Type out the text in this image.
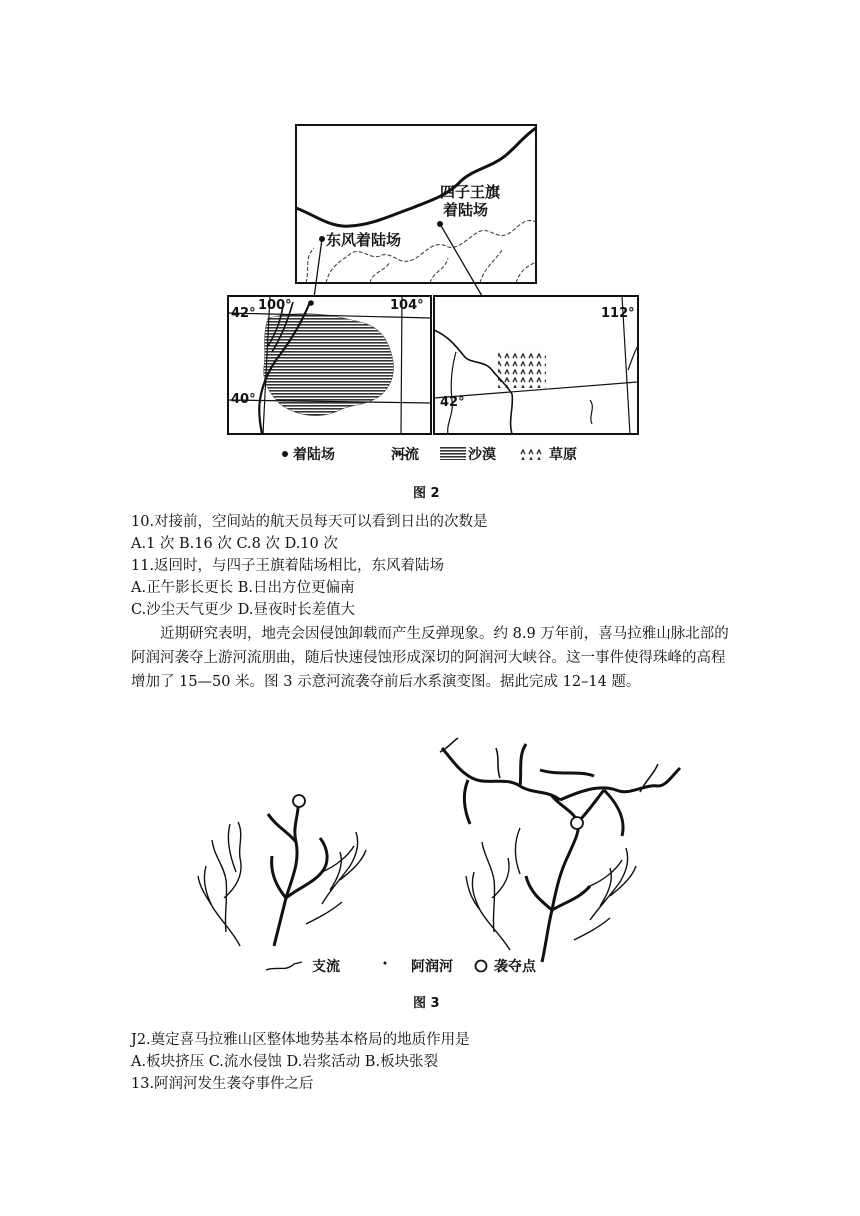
四子王旗
着陆场
东风着陆场
42°
100°	104°
40°
112°
42°
着陆场	河流	沙漠	草原
图 2
10.对接前，空间站的航天员每天可以看到日出的次数是
A.1 次 B.16 次 C.8 次 D.10 次
11.返回时，与四子王旗着陆场相比，东风着陆场
A.正午影长更长 B.日出方位更偏南
C.沙尘天气更少 D.昼夜时长差值大
近期研究表明，地壳会因侵蚀卸载而产生反弹现象。约 8.9 万年前，喜马拉雅山脉北部的阿润河袭夺上游河流朋曲，随后快速侵蚀形成深切的阿润河大峡谷。这一事件使得珠峰的高程增加了 15—50 米。图 3 示意河流袭夺前后水系演变图。据此完成 12–14 题。
支流	阿润河	袭夺点
图 3
J2.奠定喜马拉雅山区整体地势基本格局的地质作用是
A.板块挤压 C.流水侵蚀 D.岩浆活动 B.板块张裂
13.阿润河发生袭夺事件之后
